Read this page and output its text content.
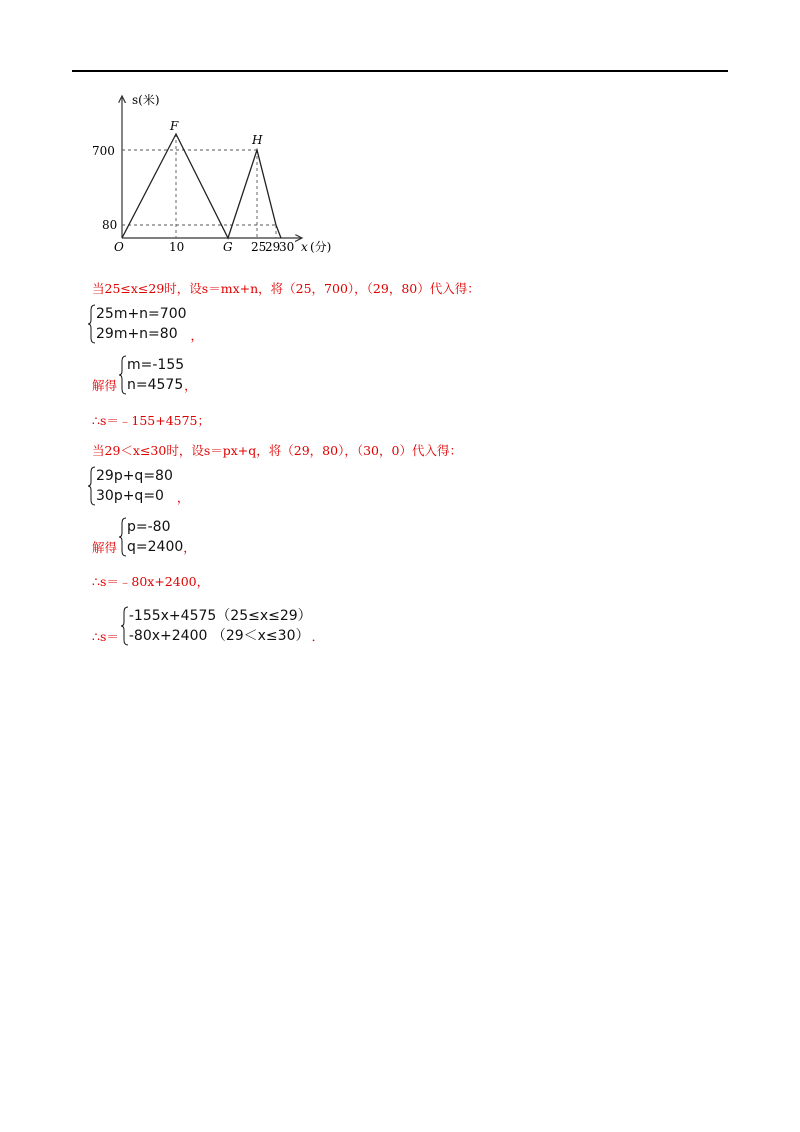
s(米)
700
80
O	10	G 25
29
30 x (分)
F
H
当25≤x≤29时，设s＝mx+n，将（25，700），（29，80）代入得：
25m+n=700
29m+n=80	，
解得
m=-155
n=4575 ，
∴s＝﹣155+4575；
当29＜x≤30时，设s＝px+q，将（29，80），（30，0）代入得：
29p+q=80
30p+q=0	，
解得
p=-80
q=2400 ，
∴s＝﹣80x+2400，
∴s＝
-155x+4575（25≤x≤29）
-80x+2400 （29＜x≤30） ．
